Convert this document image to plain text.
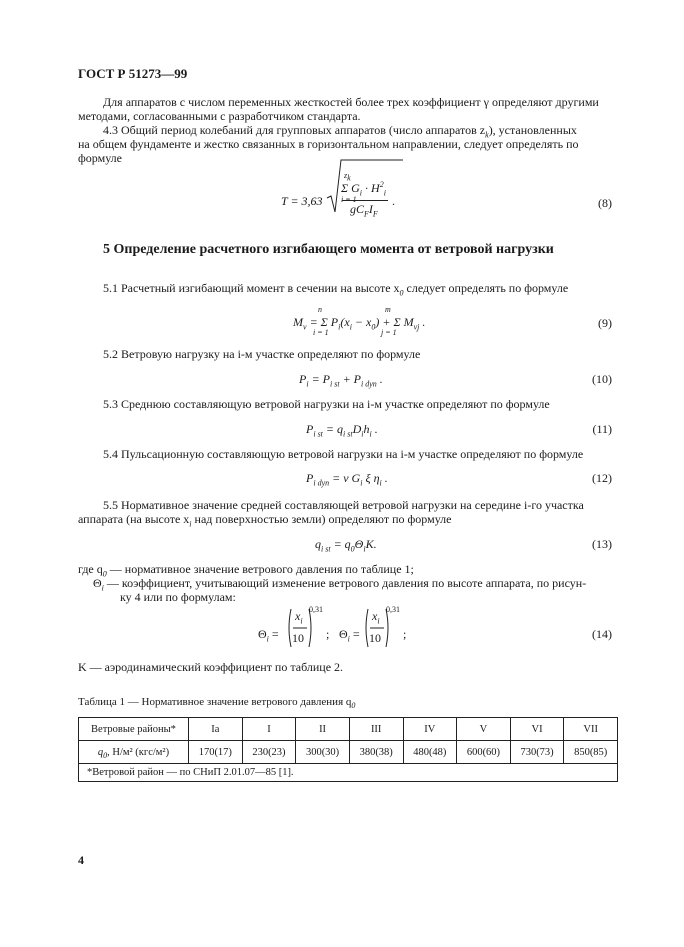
ГОСТ Р 51273—99
Для аппаратов с числом переменных жесткостей более трех коэффициент γ определяют другими
методами, согласованными с разработчиком стандарта.
4.3 Общий период колебаний для групповых аппаратов (число аппаратов $z_k$), установленных
на общем фундаменте и жестко связанных в горизонтальном направлении, следует определять по
формуле
T = 3,63
$z_k$
Σ $G_i \cdot H^2_i$
i = 1
$gC_FI_F$
.	(8)
5 Определение расчетного изгибающего момента от ветровой нагрузки
5.1 Расчетный изгибающий момент в сечении на высоте $x_0$ следует определять по формуле
n	m
$M_v = \Sigma$ $P_i(x_i - x_0) + \Sigma$ $M_{vj}$ .
i = 1	j = 1
(9)
5.2 Ветровую нагрузку на i-м участке определяют по формуле
$P_i = P_{i st} + P_{i dyn}$ .	(10)
5.3 Среднюю составляющую ветровой нагрузки на i-м участке определяют по формуле
$P_{i st} = q_{i st}D_ih_i$ .	(11)
5.4 Пульсационную составляющую ветровой нагрузки на i-м участке определяют по формуле
$P_{i dyn} = \nu$ $G_i$ ξ $\eta_i$ .	(12)
5.5 Нормативное значение средней составляющей ветровой нагрузки на середине i-го участка
аппарата (на высоте $x_i$ над поверхностью земли) определяют по формуле
$q_{i st} = q_0\Theta_iK$.	(13)
где $q_0$ — нормативное значение ветрового давления по таблице 1;
$\Theta_i$ — коэффициент, учитывающий изменение ветрового давления по высоте аппарата, по рисун-
ку 4 или по формулам:
$\Theta_i$ =
$x_i$
10
0,31
; $\Theta_i$ =
$x_i$
10
0,31
;	(14)
K — аэродинамический коэффициент по таблице 2.
Таблица 1 — Нормативное значение ветрового давления $q_0$
Ветровые районы*	Ia	I	II	III	IV	V	VI	VII
$q_0$, Н/м² (кгс/м²)	170(17)	230(23)	300(30)	380(38)	480(48)	600(60)	730(73)	850(85)
*Ветровой район — по СНиП 2.01.07—85 [1].								
4
